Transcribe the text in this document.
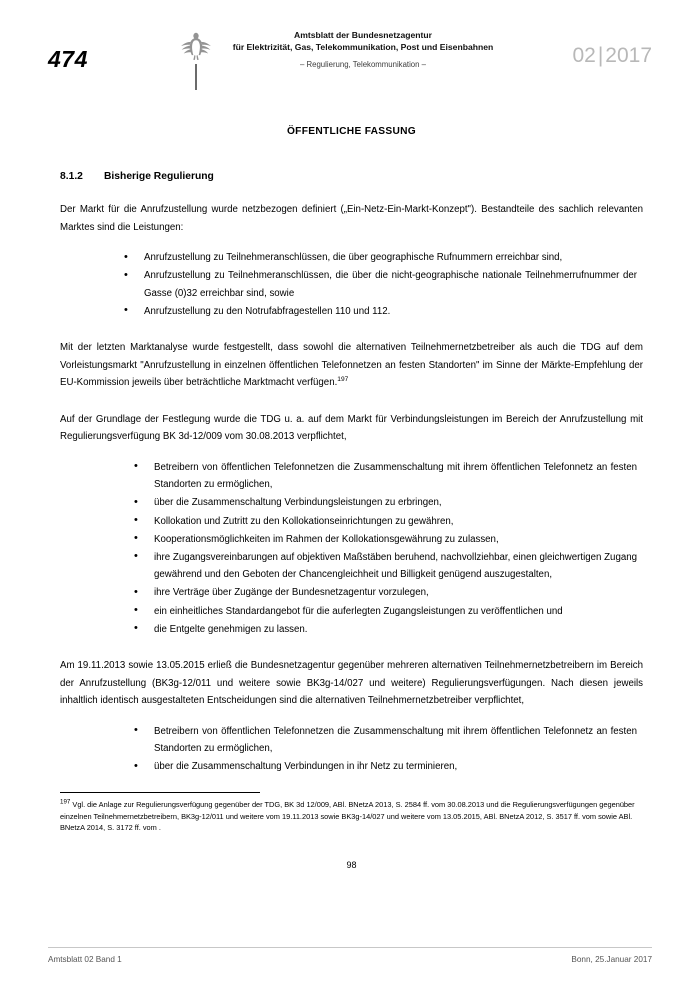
474
Amtsblatt der Bundesnetzagentur
für Elektrizität, Gas, Telekommunikation, Post und Eisenbahnen
– Regulierung, Telekommunikation –	02|2017
ÖFFENTLICHE FASSUNG
8.1.2 Bisherige Regulierung

Der Markt für die Anrufzustellung wurde netzbezogen definiert („Ein-Netz-Ein-Markt-Konzept"). Bestandteile des sachlich relevanten Marktes sind die Leistungen:

• Anrufzustellung zu Teilnehmeranschlüssen, die über geographische Rufnummern erreichbar sind,
• Anrufzustellung zu Teilnehmeranschlüssen, die über die nicht-geographische nationale Teilnehmerrufnummer der Gasse (0)32 erreichbar sind, sowie
• Anrufzustellung zu den Notrufabfragestellen 110 und 112.

Mit der letzten Marktanalyse wurde festgestellt, dass sowohl die alternativen Teilnehmernetzbetreiber als auch die TDG auf dem Vorleistungsmarkt "Anrufzustellung in einzelnen öffentlichen Telefonnetzen an festen Standorten" im Sinne der Märkte-Empfehlung der EU-Kommission jeweils über beträchtliche Marktmacht verfügen.$^{197}$

Auf der Grundlage der Festlegung wurde die TDG u. a. auf dem Markt für Verbindungsleistungen im Bereich der Anrufzustellung mit Regulierungsverfügung BK 3d-12/009 vom 30.08.2013 verpflichtet,

• Betreibern von öffentlichen Telefonnetzen die Zusammenschaltung mit ihrem öffentlichen Telefonnetz an festen Standorten zu ermöglichen,
• über die Zusammenschaltung Verbindungsleistungen zu erbringen,
• Kollokation und Zutritt zu den Kollokationseinrichtungen zu gewähren,
• Kooperationsmöglichkeiten im Rahmen der Kollokationsgewährung zu zulassen,
• ihre Zugangsvereinbarungen auf objektiven Maßstäben beruhend, nachvollziehbar, einen gleichwertigen Zugang gewährend und den Geboten der Chancengleichheit und Billigkeit genügend auszugestalten,
• ihre Verträge über Zugänge der Bundesnetzagentur vorzulegen,
• ein einheitliches Standardangebot für die auferlegten Zugangsleistungen zu veröffentlichen und
• die Entgelte genehmigen zu lassen.

Am 19.11.2013 sowie 13.05.2015 erließ die Bundesnetzagentur gegenüber mehreren alternativen Teilnehmernetzbetreibern im Bereich der Anrufzustellung (BK3g-12/011 und weitere sowie BK3g-14/027 und weitere) Regulierungsverfügungen. Nach diesen jeweils inhaltlich identisch ausgestalteten Entscheidungen sind die alternativen Teilnehmernetzbetreiber verpflichtet,

• Betreibern von öffentlichen Telefonnetzen die Zusammenschaltung mit ihrem öffentlichen Telefonnetz an festen Standorten zu ermöglichen,
• über die Zusammenschaltung Verbindungen in ihr Netz zu terminieren,
$^{197}$ Vgl. die Anlage zur Regulierungsverfügung gegenüber der TDG, BK 3d 12/009, ABl. BNetzA 2013, S. 2584 ff. vom 30.08.2013 und die Regulierungsverfügungen gegenüber einzelnen Teilnehmernetzbetreibern, BK3g-12/011 und weitere vom 19.11.2013 sowie BK3g-14/027 und weitere vom 13.05.2015, ABl. BNetzA 2012, S. 3517 ff. vom sowie ABl. BNetzA 2014, S. 3172 ff. vom .
98
Amtsblatt 02 Band 1	Bonn, 25.Januar 2017
